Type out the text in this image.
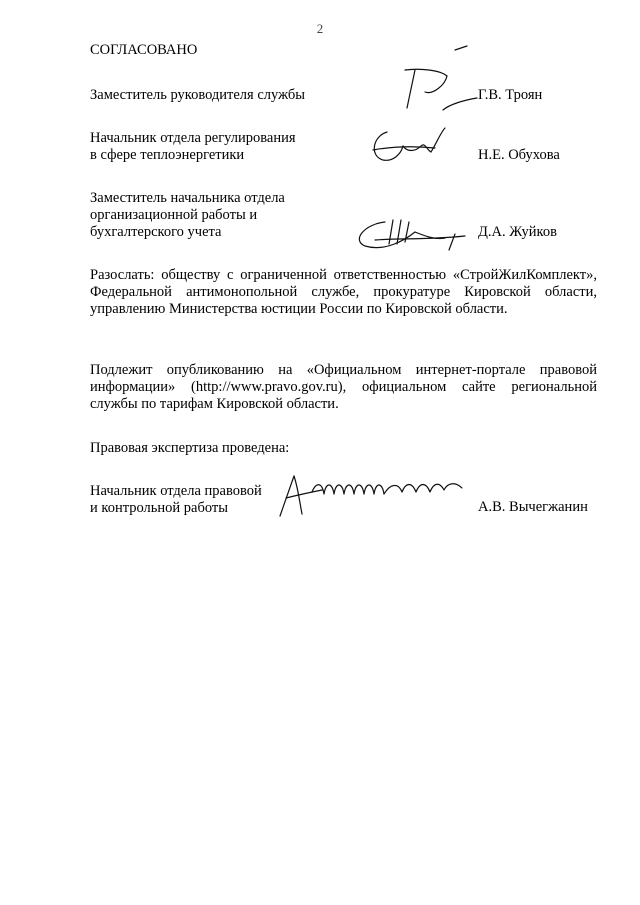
2
СОГЛАСОВАНО
Заместитель руководителя службы	Г.В. Троян
Начальник отдела регулирования
в сфере теплоэнергетики	Н.Е. Обухова
Заместитель начальника отдела
организационной работы и
бухгалтерского учета	Д.А. Жуйков
Разослать: обществу с ограниченной ответственностью «СтройЖилКомплект», Федеральной антимонопольной службе, прокуратуре Кировской области, управлению Министерства юстиции России по Кировской области.
Подлежит опубликованию на «Официальном интернет-портале правовой информации» (http://www.pravo.gov.ru), официальном сайте региональной службы по тарифам Кировской области.
Правовая экспертиза проведена:
Начальник отдела правовой
и контрольной работы	А.В. Вычегжанин
